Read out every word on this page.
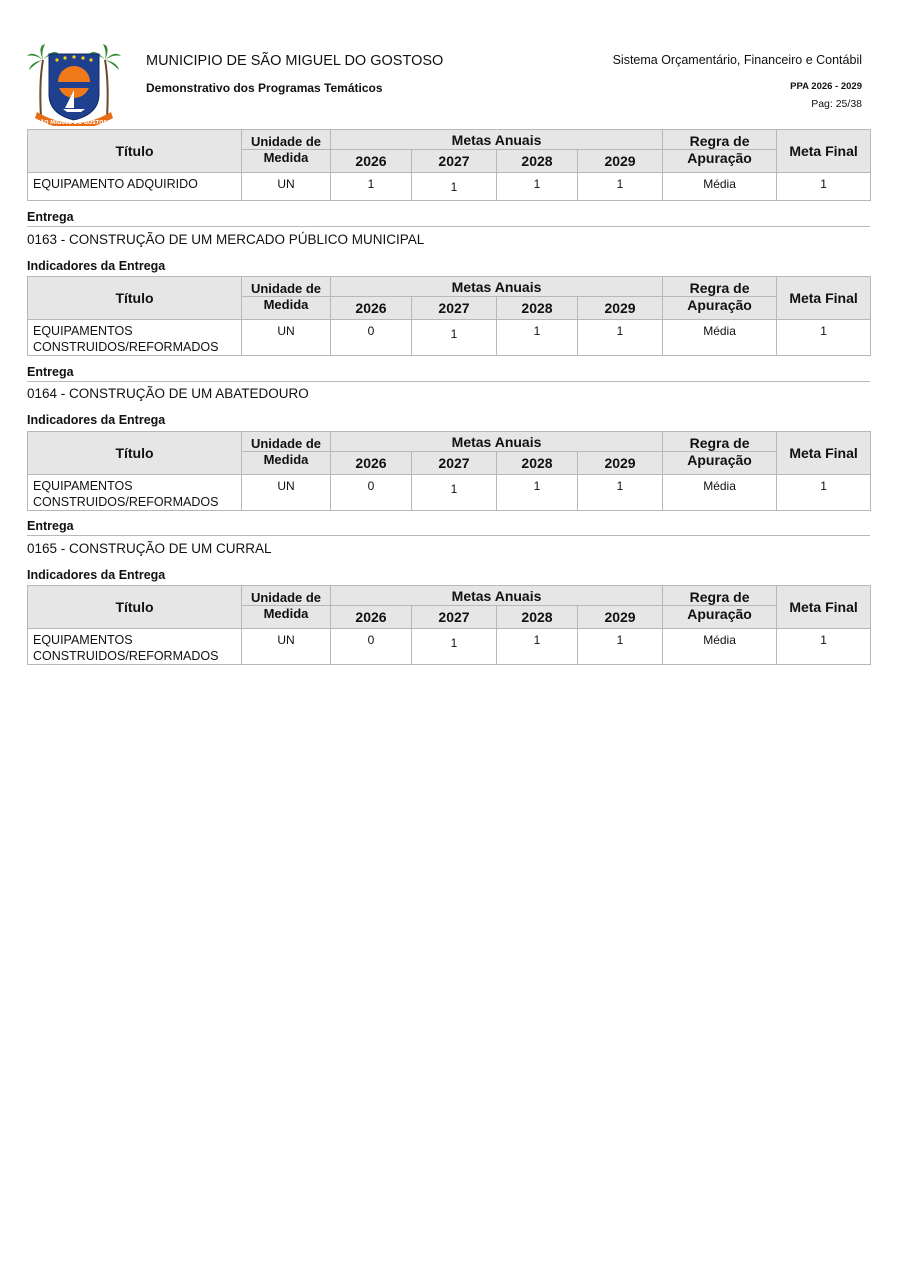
SÃO MIGUEL DO GOSTOSO
MUNICIPIO DE SÃO MIGUEL DO GOSTOSO
Demonstrativo dos Programas Temáticos
Sistema Orçamentário, Financeiro e Contábil
PPA 2026 - 2029
Pag: 25/38
Título	Unidade de	Metas Anuais				Regra de	Meta Final
	Medida	2026	2027	2028	2029	Apuração	
EQUIPAMENTO ADQUIRIDO	UN	1	1	1	1	Média	1
Entrega
0163 - CONSTRUÇÃO DE UM MERCADO PÚBLICO MUNICIPAL
Indicadores da Entrega
Título	Unidade de	Metas Anuais				Regra de	Meta Final
	Medida	2026	2027	2028	2029	Apuração	
EQUIPAMENTOS
CONSTRUIDOS/REFORMADOS	UN	0	1	1	1	Média	1
Entrega
0164 - CONSTRUÇÃO DE UM ABATEDOURO
Indicadores da Entrega
Título	Unidade de	Metas Anuais				Regra de	Meta Final
	Medida	2026	2027	2028	2029	Apuração	
EQUIPAMENTOS
CONSTRUIDOS/REFORMADOS	UN	0	1	1	1	Média	1
Entrega
0165 - CONSTRUÇÃO DE UM CURRAL
Indicadores da Entrega
Título	Unidade de	Metas Anuais				Regra de	Meta Final
	Medida	2026	2027	2028	2029	Apuração	
EQUIPAMENTOS
CONSTRUIDOS/REFORMADOS	UN	0	1	1	1	Média	1
